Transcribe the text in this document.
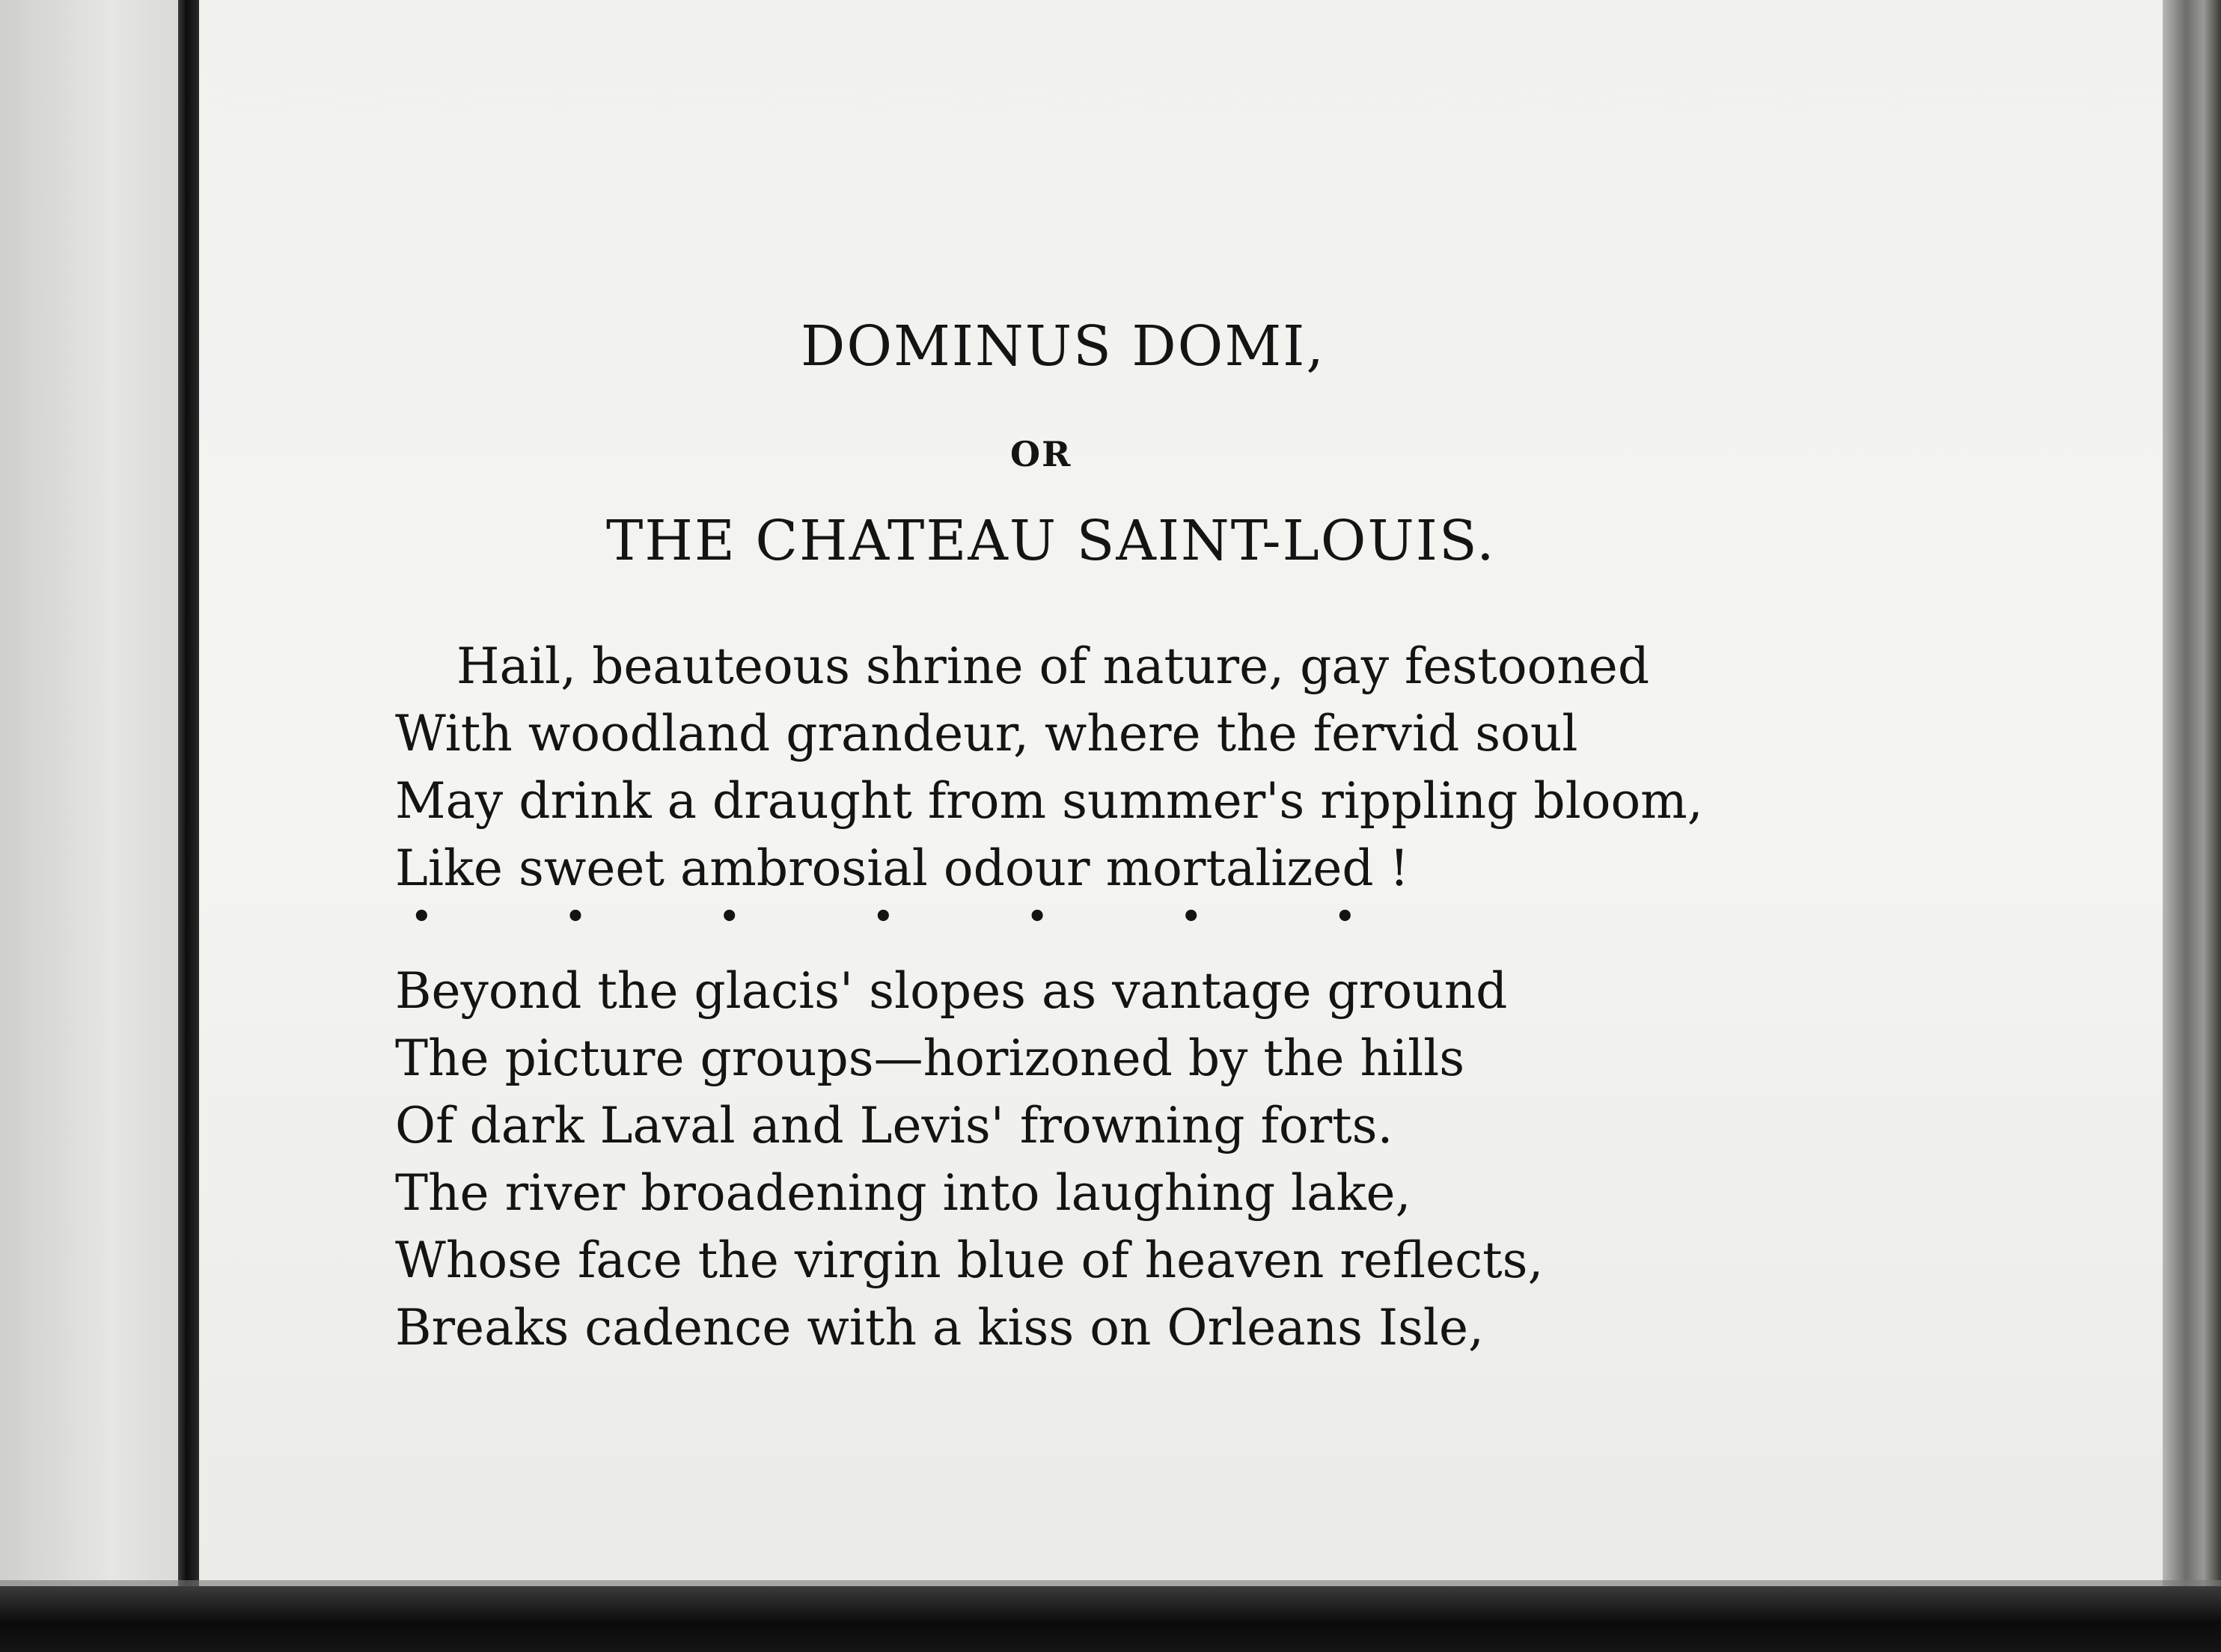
DOMINUS DOMI,
OR
THE CHATEAU SAINT-LOUIS.
Hail, beauteous shrine of nature, gay festooned
With woodland grandeur, where the fervid soul
May drink a draught from summer's rippling bloom,
Like sweet ambrosial odour mortalized !
•	•	•	•	•	•	•
Beyond the glacis' slopes as vantage ground
The picture groups—horizoned by the hills
Of dark Laval and Levis' frowning forts.
The river broadening into laughing lake,
Whose face the virgin blue of heaven reflects,
Breaks cadence with a kiss on Orleans Isle,
